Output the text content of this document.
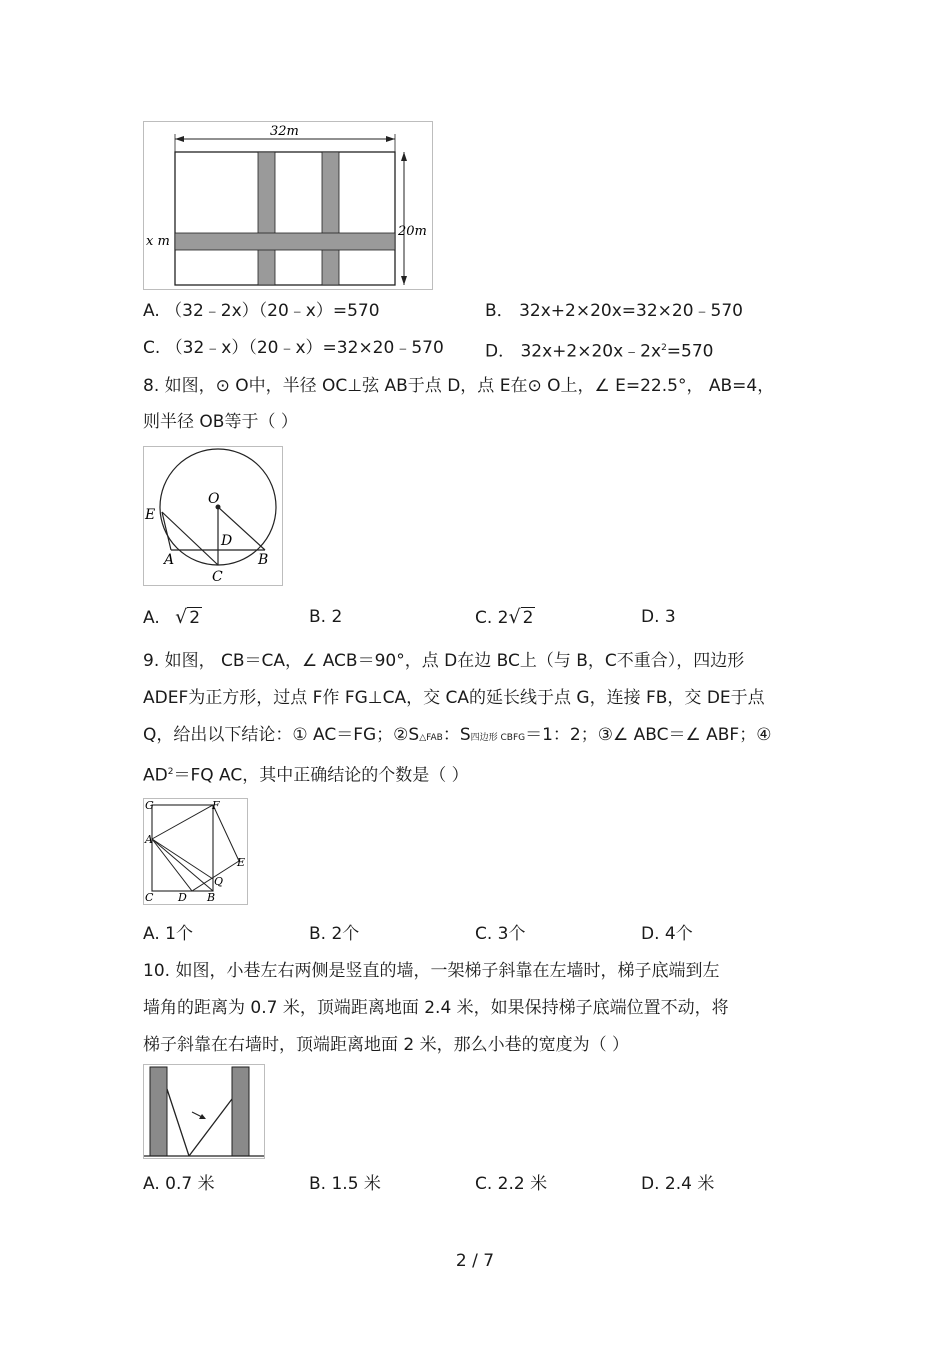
32m
20m
x m
A. （32﹣2x）（20﹣x）=570	B． 32x+2×20x=32×20﹣570
C. （32﹣x）（20﹣x）=32×20﹣570 D． $32x+2\times 20x﹣2x^2=570$
8. 如图，⊙ O中，半径 OC⊥弦 AB于点 D，点 E在⊙ O上，∠ E=22.5°， AB=4，
则半径 OB等于（ ）
O
D
E
A	B
C
A. √ 2	B. 2	C. 2√ 2	D. 3
9. 如图， CB＝CA，∠ ACB＝90°，点 D在边 BC上（与 B，C不重合），四边形
ADEF为正方形，过点 F作 FG⊥CA，交 CA的延长线于点 G，连接 FB，交 DE于点
Q，给出以下结论：① AC＝FG；②S△FAB：S四边形 CBFG＝1：2；③∠ ABC＝∠ ABF；④
$AD^2=FQ$ AC，其中正确结论的个数是（ ）
G	F
A
E
Q
C D B
A. 1个	B. 2个	C. 3个	D. 4个
10. 如图，小巷左右两侧是竖直的墙，一架梯子斜靠在左墙时，梯子底端到左
墙角的距离为 0.7 米，顶端距离地面 2.4 米，如果保持梯子底端位置不动，将
梯子斜靠在右墙时，顶端距离地面 2 米，那么小巷的宽度为（ ）
A. 0.7 米	B. 1.5 米	C. 2.2 米	D. 2.4 米
2 / 7
